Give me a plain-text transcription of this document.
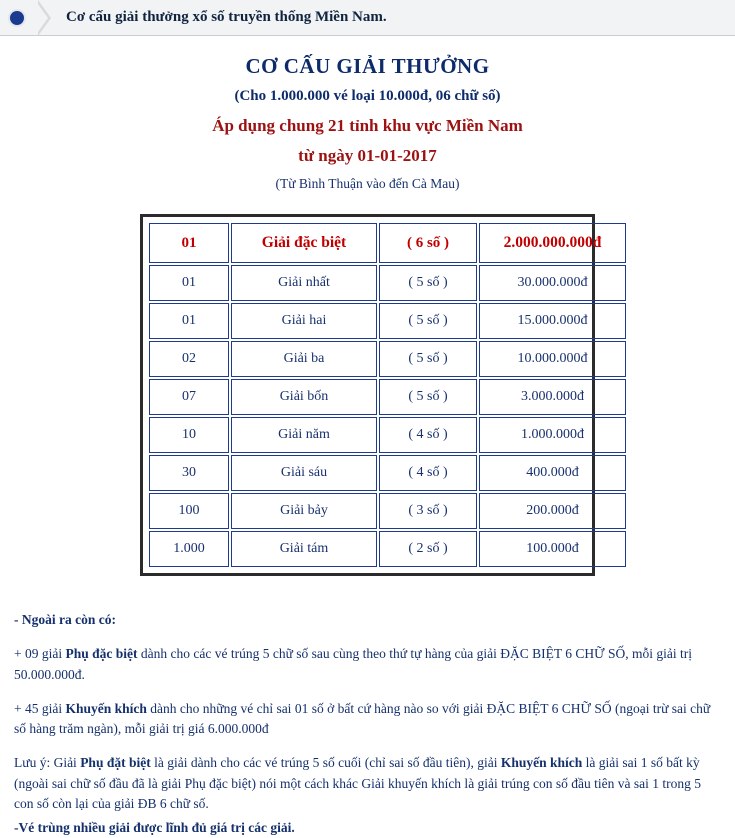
Cơ cấu giải thưởng xổ số truyền thống Miền Nam.
CƠ CẤU GIẢI THƯỞNG
(Cho 1.000.000 vé loại 10.000đ, 06 chữ số)
Áp dụng chung 21 tỉnh khu vực Miền Nam
từ ngày 01-01-2017
(Từ Bình Thuận vào đến Cà Mau)
01	Giải đặc biệt	( 6 số )	2.000.000.000đ
01	Giải nhất	( 5 số )	30.000.000đ
01	Giải hai	( 5 số )	15.000.000đ
02	Giải ba	( 5 số )	10.000.000đ
07	Giải bốn	( 5 số )	3.000.000đ
10	Giải năm	( 4 số )	1.000.000đ
30	Giải sáu	( 4 số )	400.000đ
100	Giải bảy	( 3 số )	200.000đ
1.000	Giải tám	( 2 số )	100.000đ

- Ngoài ra còn có:

+ 09 giải Phụ đặc biệt dành cho các vé trúng 5 chữ số sau cùng theo thứ tự hàng của giải ĐẶC BIỆT 6 CHỮ SỐ, mỗi giải trị
50.000.000đ.

+ 45 giải Khuyến khích dành cho những vé chỉ sai 01 số ở bất cứ hàng nào so với giải ĐẶC BIỆT 6 CHỮ SỐ (ngoại trừ sai chữ số hàng trăm ngàn), mỗi giải trị giá 6.000.000đ

Lưu ý: Giải Phụ đặt biệt là giải dành cho các vé trúng 5 số cuối (chỉ sai số đầu tiên), giải Khuyến khích là giải sai 1 số bất kỳ (ngoài sai chữ số đầu đã là giải Phụ đặc biệt) nói một cách khác Giải khuyến khích là giải trúng con số đầu tiên và sai 1 trong 5 con số còn lại của giải ĐB 6 chữ số.

-Vé trùng nhiều giải được lĩnh đủ giá trị các giải.
